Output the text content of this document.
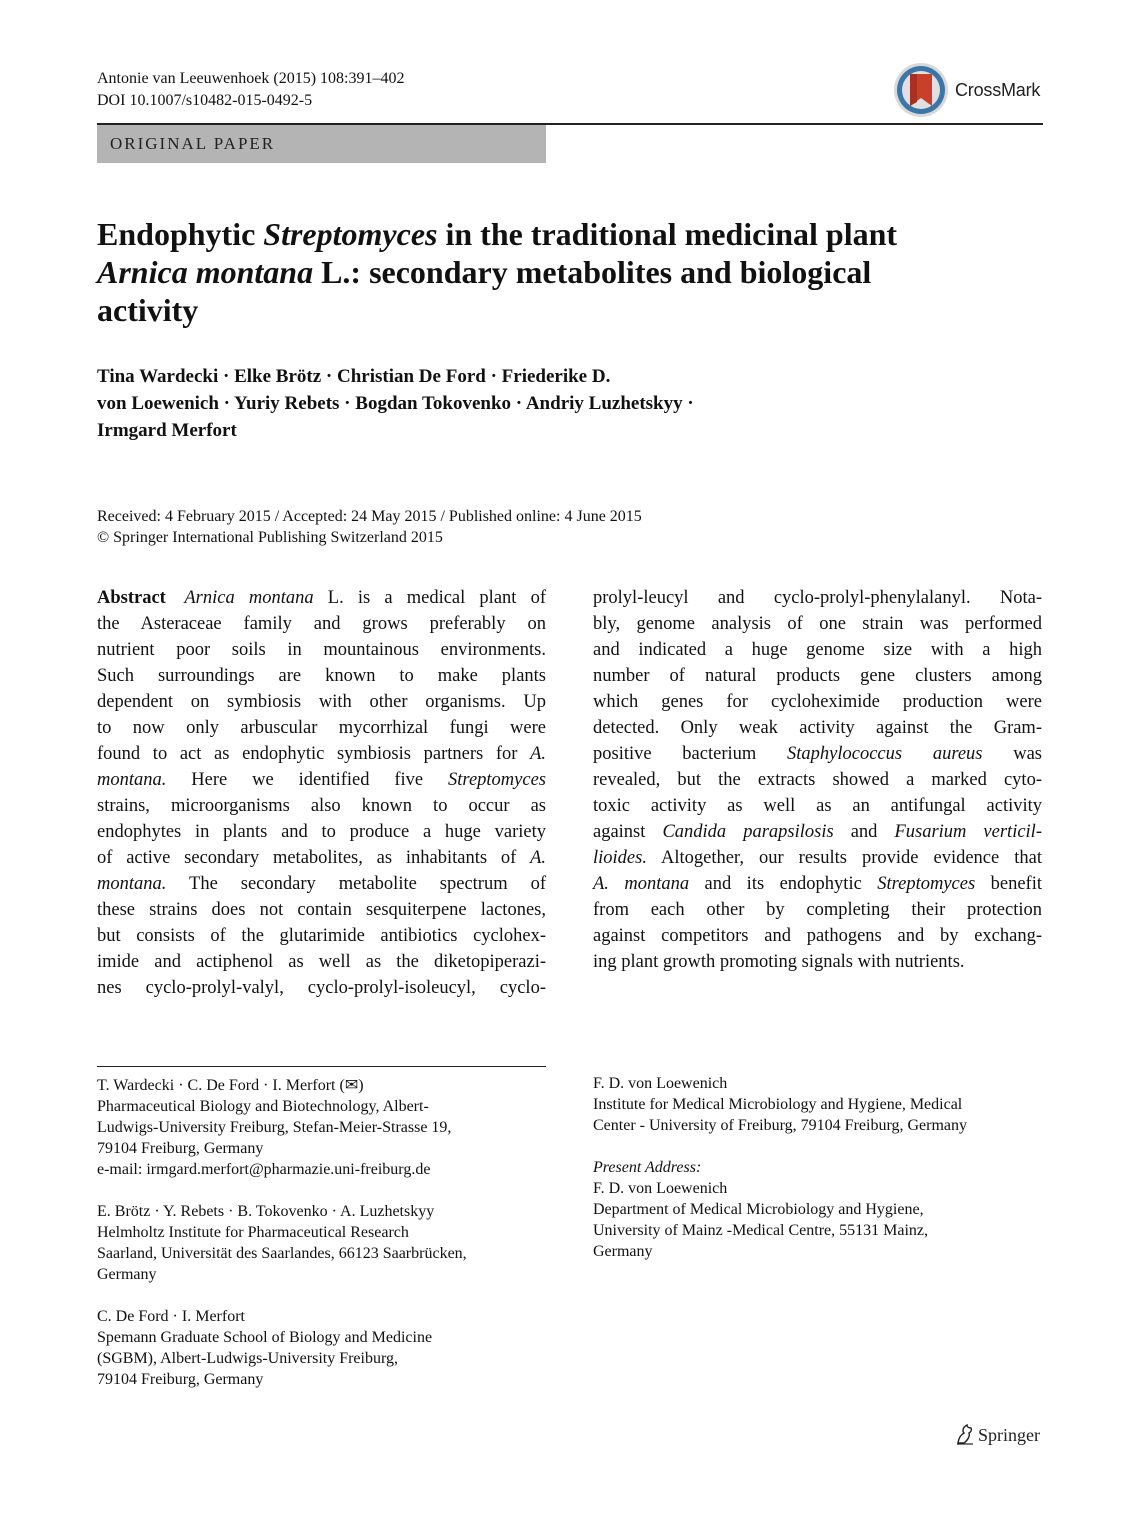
Antonie van Leeuwenhoek (2015) 108:391–402
DOI 10.1007/s10482-015-0492-5
CrossMark
ORIGINAL PAPER
Endophytic Streptomyces in the traditional medicinal plant
Arnica montana L.: secondary metabolites and biological
activity
Tina Wardecki · Elke Brötz · Christian De Ford · Friederike D.
von Loewenich · Yuriy Rebets · Bogdan Tokovenko · Andriy Luzhetskyy ·
Irmgard Merfort
Received: 4 February 2015 / Accepted: 24 May 2015 / Published online: 4 June 2015
© Springer International Publishing Switzerland 2015
Abstract  Arnica montana L. is a medical plant of
the Asteraceae family and grows preferably on
nutrient poor soils in mountainous environments.
Such surroundings are known to make plants
dependent on symbiosis with other organisms. Up
to now only arbuscular mycorrhizal fungi were
found to act as endophytic symbiosis partners for A.
montana. Here we identified five Streptomyces
strains, microorganisms also known to occur as
endophytes in plants and to produce a huge variety
of active secondary metabolites, as inhabitants of A.
montana. The secondary metabolite spectrum of
these strains does not contain sesquiterpene lactones,
but consists of the glutarimide antibiotics cyclohex-
imide and actiphenol as well as the diketopiperazi-
nes cyclo-prolyl-valyl, cyclo-prolyl-isoleucyl, cyclo-
prolyl-leucyl and cyclo-prolyl-phenylalanyl. Nota-
bly, genome analysis of one strain was performed
and indicated a huge genome size with a high
number of natural products gene clusters among
which genes for cycloheximide production were
detected. Only weak activity against the Gram-
positive bacterium Staphylococcus aureus was
revealed, but the extracts showed a marked cyto-
toxic activity as well as an antifungal activity
against Candida parapsilosis and Fusarium verticil-
lioides. Altogether, our results provide evidence that
A. montana and its endophytic Streptomyces benefit
from each other by completing their protection
against competitors and pathogens and by exchang-
ing plant growth promoting signals with nutrients.
T. Wardecki · C. De Ford · I. Merfort (✉)
Pharmaceutical Biology and Biotechnology, Albert-
Ludwigs-University Freiburg, Stefan-Meier-Strasse 19,
79104 Freiburg, Germany
e-mail: irmgard.merfort@pharmazie.uni-freiburg.de
E. Brötz · Y. Rebets · B. Tokovenko · A. Luzhetskyy
Helmholtz Institute for Pharmaceutical Research
Saarland, Universität des Saarlandes, 66123 Saarbrücken,
Germany
C. De Ford · I. Merfort
Spemann Graduate School of Biology and Medicine
(SGBM), Albert-Ludwigs-University Freiburg,
79104 Freiburg, Germany
F. D. von Loewenich
Institute for Medical Microbiology and Hygiene, Medical
Center - University of Freiburg, 79104 Freiburg, Germany
Present Address:
F. D. von Loewenich
Department of Medical Microbiology and Hygiene,
University of Mainz -Medical Centre, 55131 Mainz,
Germany
Springer
